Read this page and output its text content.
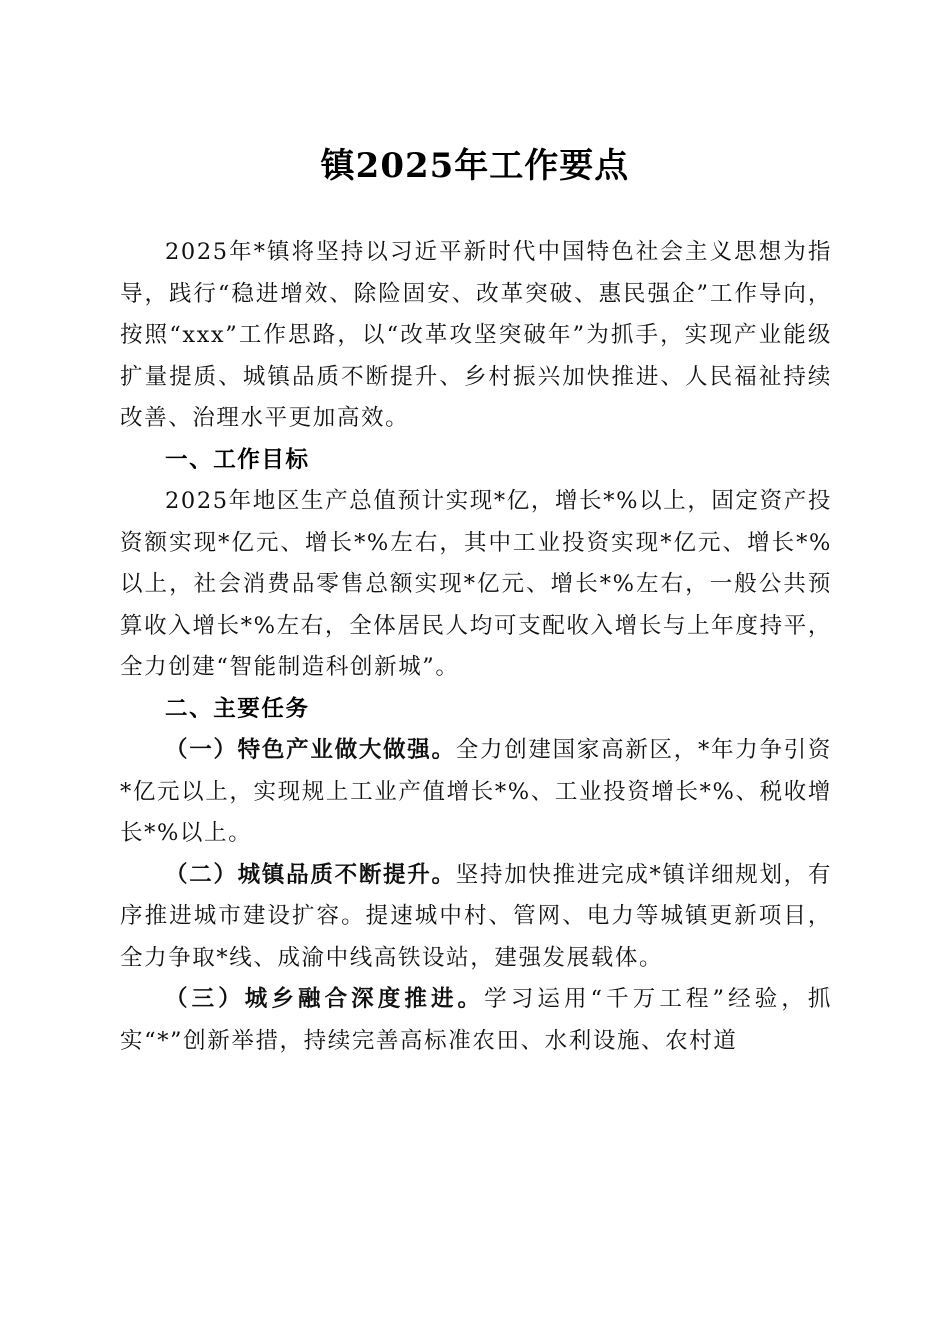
镇2025年工作要点

2025年*镇将坚持以习近平新时代中国特色社会主义思想为指导，践行“稳进增效、除险固安、改革突破、惠民强企”工作导向，按照“xxx”工作思路，以“改革攻坚突破年”为抓手，实现产业能级扩量提质、城镇品质不断提升、乡村振兴加快推进、人民福祉持续改善、治理水平更加高效。

一、工作目标

2025年地区生产总值预计实现*亿，增长*%以上，固定资产投资额实现*亿元、增长*%左右，其中工业投资实现*亿元、增长*%以上，社会消费品零售总额实现*亿元、增长*%左右，一般公共预算收入增长*%左右，全体居民人均可支配收入增长与上年度持平，全力创建“智能制造科创新城”。

二、主要任务

（一）特色产业做大做强。全力创建国家高新区，*年力争引资*亿元以上，实现规上工业产值增长*%、工业投资增长*%、税收增长*%以上。

（二）城镇品质不断提升。坚持加快推进完成*镇详细规划，有序推进城市建设扩容。提速城中村、管网、电力等城镇更新项目，全力争取*线、成渝中线高铁设站，建强发展载体。

（三）城乡融合深度推进。学习运用“千万工程”经验，抓实“*”创新举措，持续完善高标准农田、水利设施、农村道
